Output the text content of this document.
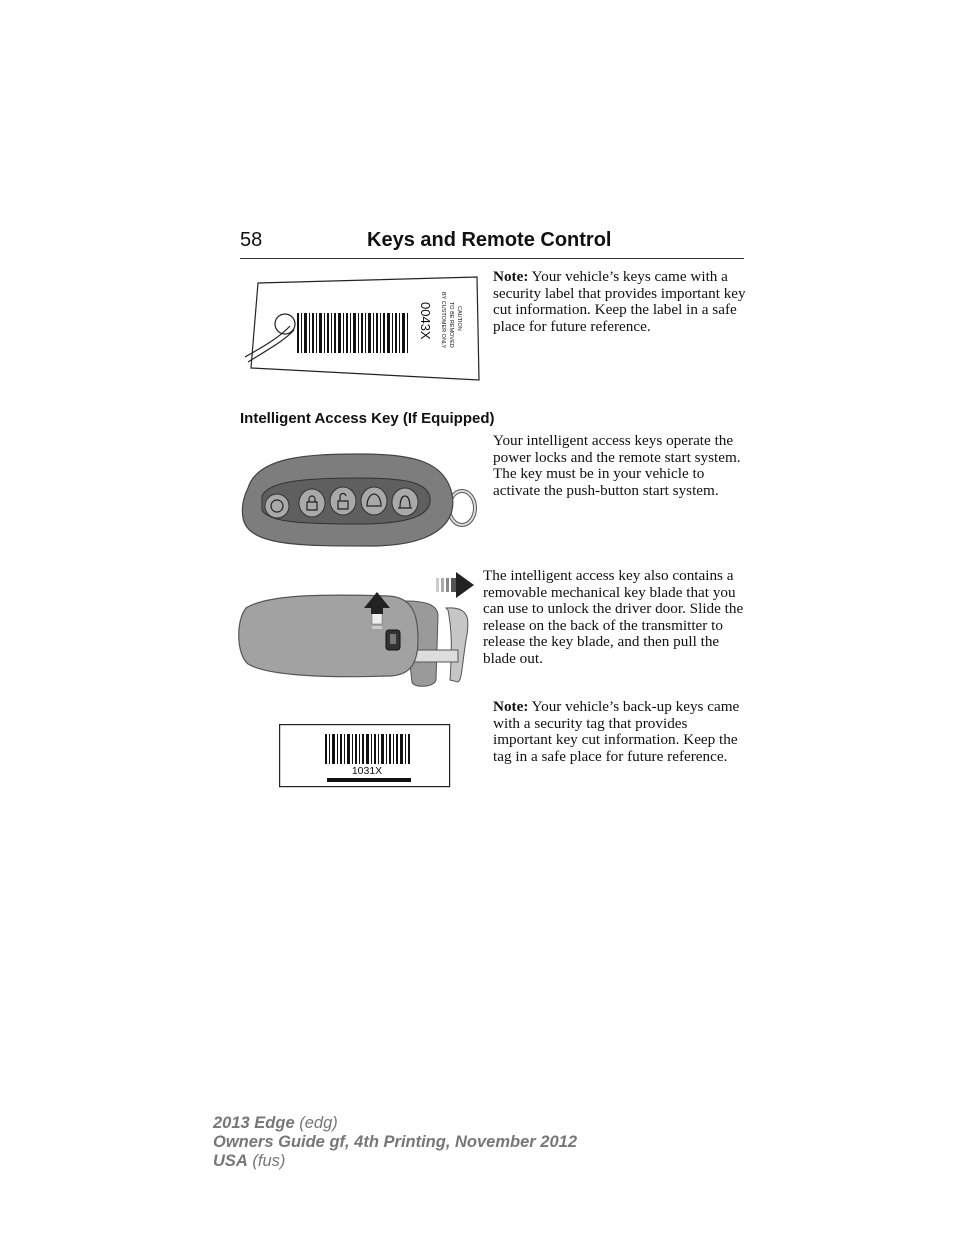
58	Keys and Remote Control
0043X BY CUSTOMER ONLY TO BE REMOVED CAUTION
Note: Your vehicle’s keys came with a security label that provides important key cut information. Keep the label in a safe place for future reference.
Intelligent Access Key (If Equipped)
Your intelligent access keys operate the power locks and the remote start system. The key must be in your vehicle to activate the push-button start system.
The intelligent access key also contains a removable mechanical key blade that you can use to unlock the driver door. Slide the release on the back of the transmitter to release the key blade, and then pull the blade out.
1031X
Note: Your vehicle’s back-up keys came with a security tag that provides important key cut information. Keep the tag in a safe place for future reference.
2013 Edge (edg)
Owners Guide gf, 4th Printing, November 2012
USA (fus)
